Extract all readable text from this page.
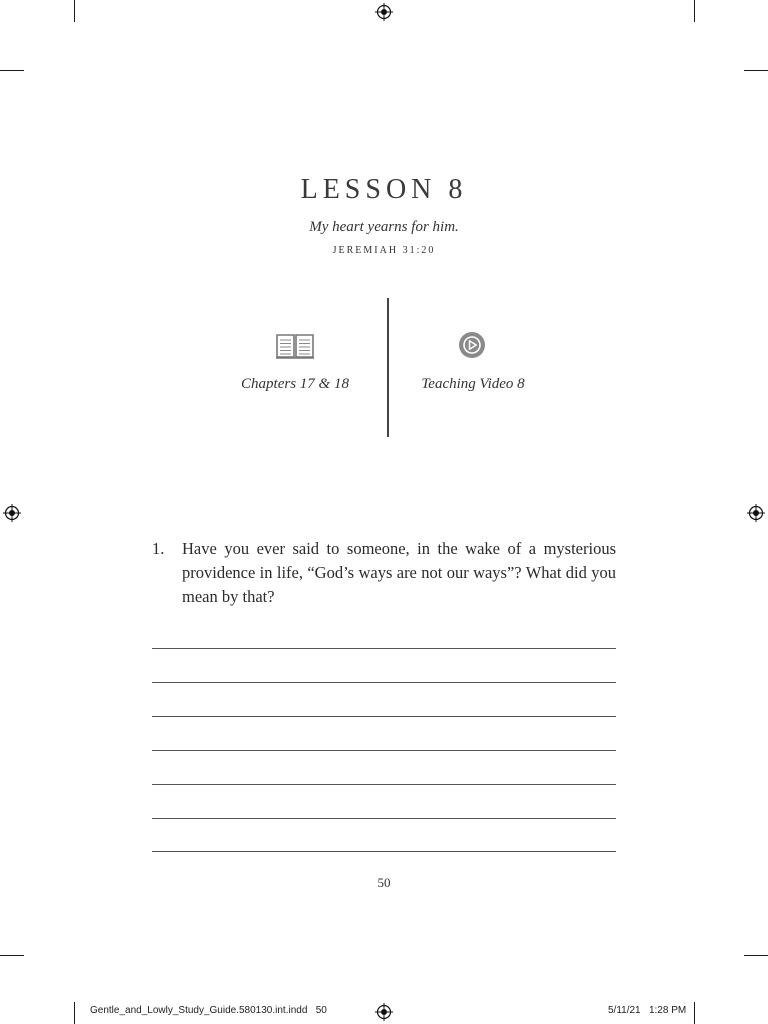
LESSON 8
My heart yearns for him.
JEREMIAH 31:20
Chapters 17 & 18	Teaching Video 8
1. Have you ever said to someone, in the wake of a mysterious providence in life, “God’s ways are not our ways”? What did you mean by that?
50
Gentle_and_Lowly_Study_Guide.580130.int.indd   50	5/11/21   1:28 PM
